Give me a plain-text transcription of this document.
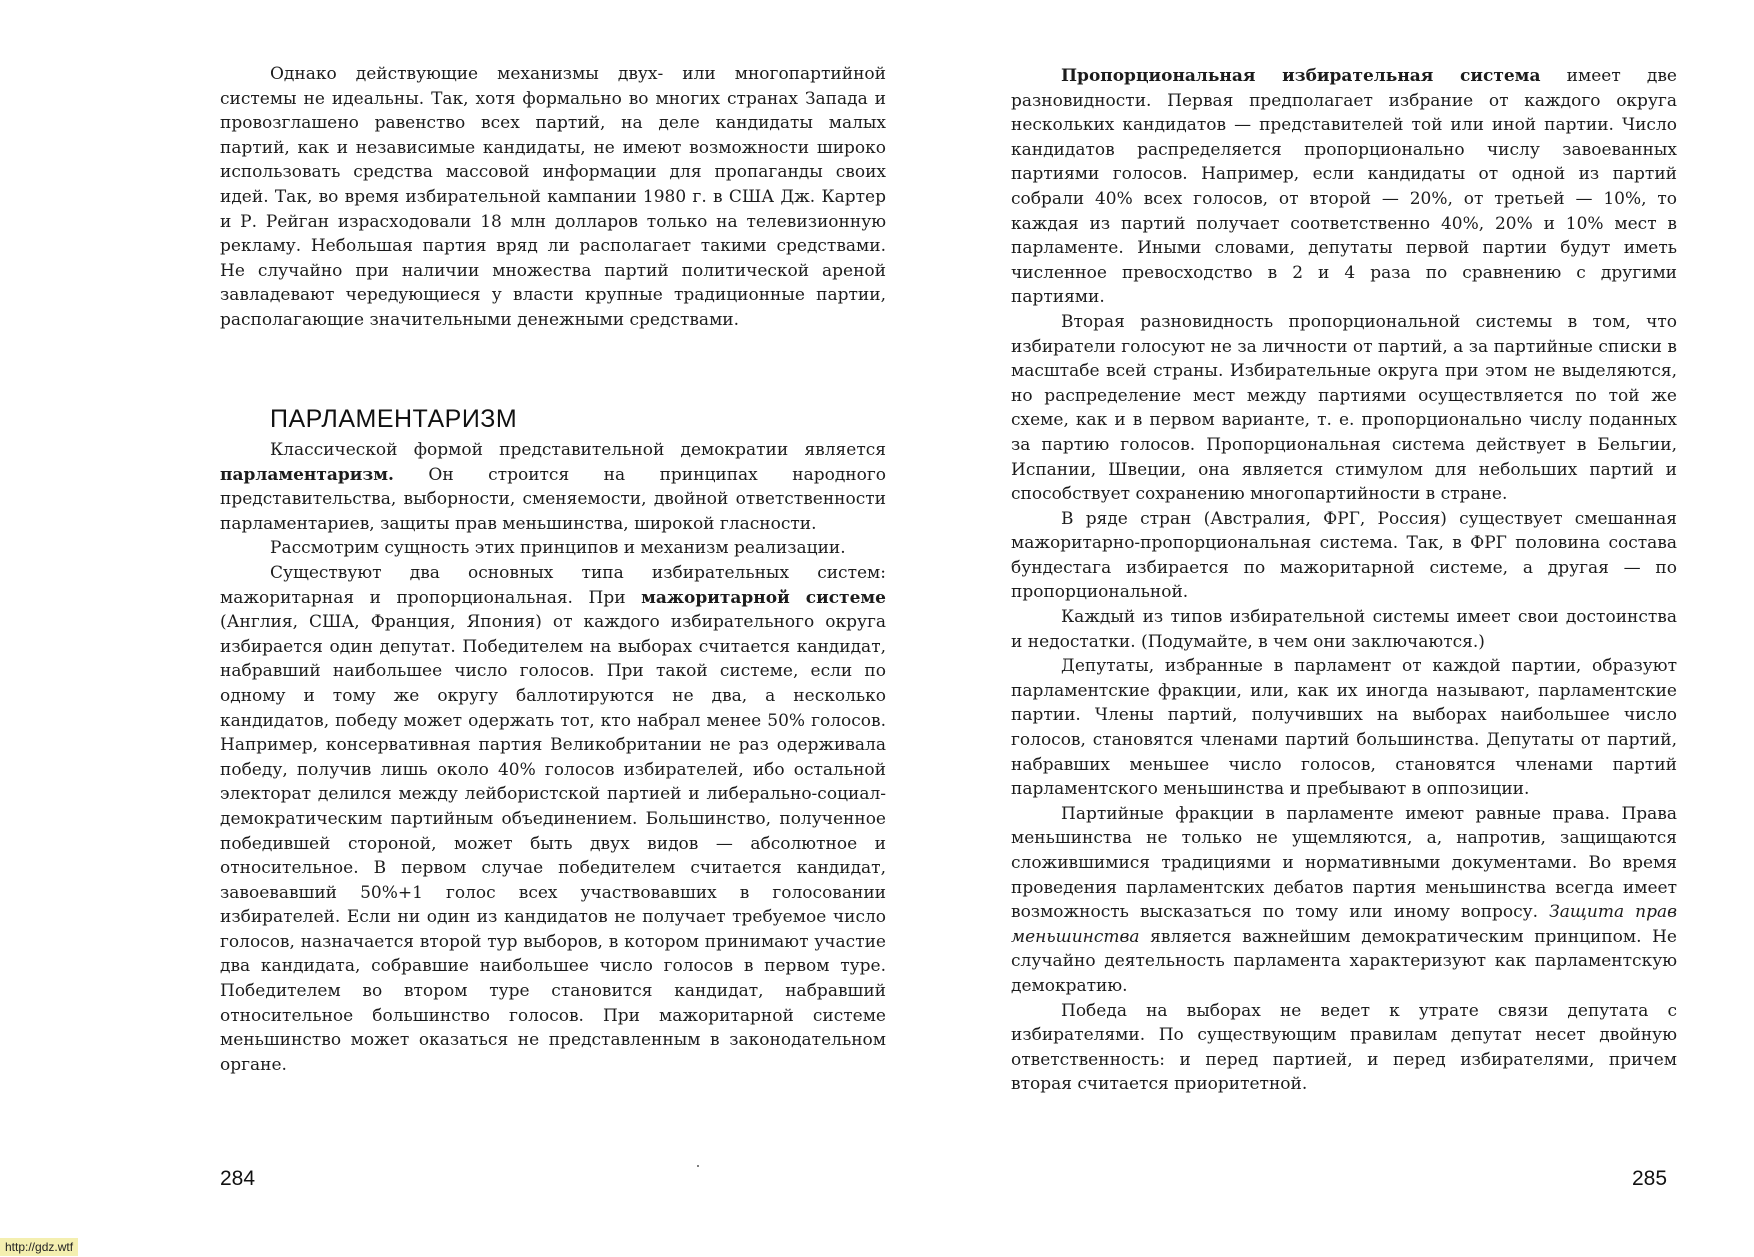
Однако действующие механизмы двух- или многопартийной системы не идеальны. Так, хотя формально во многих странах Запада и провозглашено равенство всех партий, на деле кандидаты малых партий, как и независимые кандидаты, не имеют возможности широко использовать средства массовой информации для пропаганды своих идей. Так, во время избирательной кампании 1980 г. в США Дж. Картер и Р. Рейган израсходовали 18 млн долларов только на телевизионную рекламу. Небольшая партия вряд ли располагает такими средствами. Не случайно при наличии множества партий политической ареной завладевают чередующиеся у власти крупные традиционные партии, располагающие значительными денежными средствами.

ПАРЛАМЕНТАРИЗМ

Классической формой представительной демократии является парламентаризм. Он строится на принципах народного представительства, выборности, сменяемости, двойной ответственности парламентариев, защиты прав меньшинства, широкой гласности.

Рассмотрим сущность этих принципов и механизм реализации.

Существуют два основных типа избирательных систем: мажоритарная и пропорциональная. При мажоритарной системе (Англия, США, Франция, Япония) от каждого избирательного округа избирается один депутат. Победителем на выборах считается кандидат, набравший наибольшее число голосов. При такой системе, если по одному и тому же округу баллотируются не два, а несколько кандидатов, победу может одержать тот, кто набрал менее 50% голосов. Например, консервативная партия Великобритании не раз одерживала победу, получив лишь около 40% голосов избирателей, ибо остальной электорат делился между лейбористской партией и либерально-социал-демократическим партийным объединением. Большинство, полученное победившей стороной, может быть двух видов — абсолютное и относительное. В первом случае победителем считается кандидат, завоевавший 50%+1 голос всех участвовавших в голосовании избирателей. Если ни один из кандидатов не получает требуемое число голосов, назначается второй тур выборов, в котором принимают участие два кандидата, собравшие наибольшее число голосов в первом туре. Победителем во втором туре становится кандидат, набравший относительное большинство голосов. При мажоритарной системе меньшинство может оказаться не представленным в законодательном органе.

284

Пропорциональная избирательная система имеет две разновидности. Первая предполагает избрание от каждого округа нескольких кандидатов — представителей той или иной партии. Число кандидатов распределяется пропорционально числу завоеванных партиями голосов. Например, если кандидаты от одной из партий собрали 40% всех голосов, от второй — 20%, от третьей — 10%, то каждая из партий получает соответственно 40%, 20% и 10% мест в парламенте. Иными словами, депутаты первой партии будут иметь численное превосходство в 2 и 4 раза по сравнению с другими партиями.

Вторая разновидность пропорциональной системы в том, что избиратели голосуют не за личности от партий, а за партийные списки в масштабе всей страны. Избирательные округа при этом не выделяются, но распределение мест между партиями осуществляется по той же схеме, как и в первом варианте, т. е. пропорционально числу поданных за партию голосов. Пропорциональная система действует в Бельгии, Испании, Швеции, она является стимулом для небольших партий и способствует сохранению многопартийности в стране.

В ряде стран (Австралия, ФРГ, Россия) существует смешанная мажоритарно-пропорциональная система. Так, в ФРГ половина состава бундестага избирается по мажоритарной системе, а другая — по пропорциональной.

Каждый из типов избирательной системы имеет свои достоинства и недостатки. (Подумайте, в чем они заключаются.)

Депутаты, избранные в парламент от каждой партии, образуют парламентские фракции, или, как их иногда называют, парламентские партии. Члены партий, получивших на выборах наибольшее число голосов, становятся членами партий большинства. Депутаты от партий, набравших меньшее число голосов, становятся членами партий парламентского меньшинства и пребывают в оппозиции.

Партийные фракции в парламенте имеют равные права. Права меньшинства не только не ущемляются, а, напротив, защищаются сложившимися традициями и нормативными документами. Во время проведения парламентских дебатов партия меньшинства всегда имеет возможность высказаться по тому или иному вопросу. Защита прав меньшинства является важнейшим демократическим принципом. Не случайно деятельность парламента характеризуют как парламентскую демократию.

Победа на выборах не ведет к утрате связи депутата с избирателями. По существующим правилам депутат несет двойную ответственность: и перед партией, и перед избирателями, причем вторая считается приоритетной.

285
http://gdz.wtf
